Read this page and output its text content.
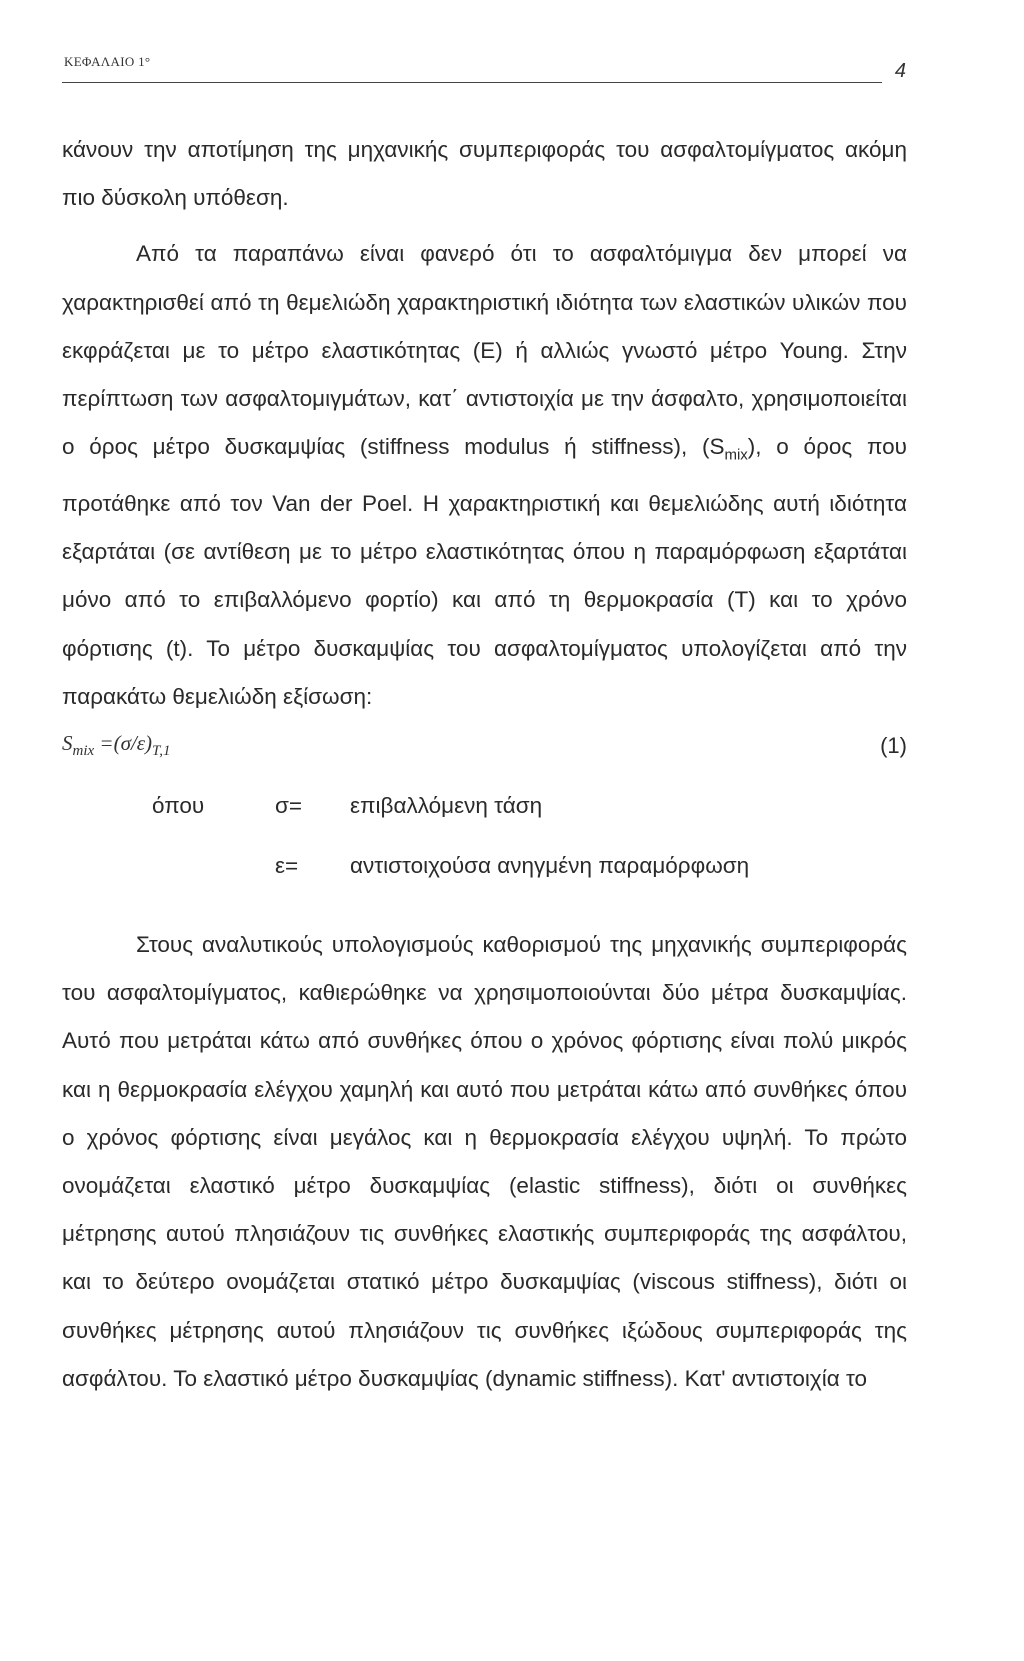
ΚΕΦΑΛΑΙΟ 1°	4

κάνουν την αποτίμηση της μηχανικής συμπεριφοράς του ασφαλτομίγματος ακόμη πιο δύσκολη υπόθεση.

Από τα παραπάνω είναι φανερό ότι το ασφαλτόμιγμα δεν μπορεί να χαρακτηρισθεί από τη θεμελιώδη χαρακτηριστική ιδιότητα των ελαστικών υλικών που εκφράζεται με το μέτρο ελαστικότητας (Ε) ή αλλιώς γνωστό μέτρο Young. Στην περίπτωση των ασφαλτομιγμάτων, κατ΄ αντιστοιχία με την άσφαλτο, χρησιμοποιείται ο όρος μέτρο δυσκαμψίας (stiffness modulus ή stiffness), $(S_{mix})$, ο όρος που προτάθηκε από τον Van der Poel. Η χαρακτηριστική και θεμελιώδης αυτή ιδιότητα εξαρτάται (σε αντίθεση με το μέτρο ελαστικότητας όπου η παραμόρφωση εξαρτάται μόνο από το επιβαλλόμενο φορτίο) και από τη θερμοκρασία (Τ) και το χρόνο φόρτισης (t). Το μέτρο δυσκαμψίας του ασφαλτομίγματος υπολογίζεται από την παρακάτω θεμελιώδη εξίσωση:

$S_{mix} =(\sigma/\varepsilon)_{T,1}$	(1)
όπου	σ= επιβαλλόμενη τάση
ε= αντιστοιχούσα ανηγμένη παραμόρφωση

Στους αναλυτικούς υπολογισμούς καθορισμού της μηχανικής συμπεριφοράς του ασφαλτομίγματος, καθιερώθηκε να χρησιμοποιούνται δύο μέτρα δυσκαμψίας. Αυτό που μετράται κάτω από συνθήκες όπου ο χρόνος φόρτισης είναι πολύ μικρός και η θερμοκρασία ελέγχου χαμηλή και αυτό που μετράται κάτω από συνθήκες όπου ο χρόνος φόρτισης είναι μεγάλος και η θερμοκρασία ελέγχου υψηλή. Το πρώτο ονομάζεται ελαστικό μέτρο δυσκαμψίας (elastic stiffness), διότι οι συνθήκες μέτρησης αυτού πλησιάζουν τις συνθήκες ελαστικής συμπεριφοράς της ασφάλτου, και το δεύτερο ονομάζεται στατικό μέτρο δυσκαμψίας (viscous stiffness), διότι οι συνθήκες μέτρησης αυτού πλησιάζουν τις συνθήκες ιξώδους συμπεριφοράς της ασφάλτου. Το ελαστικό μέτρο δυσκαμψίας (dynamic stiffness). Κατ' αντιστοιχία το
